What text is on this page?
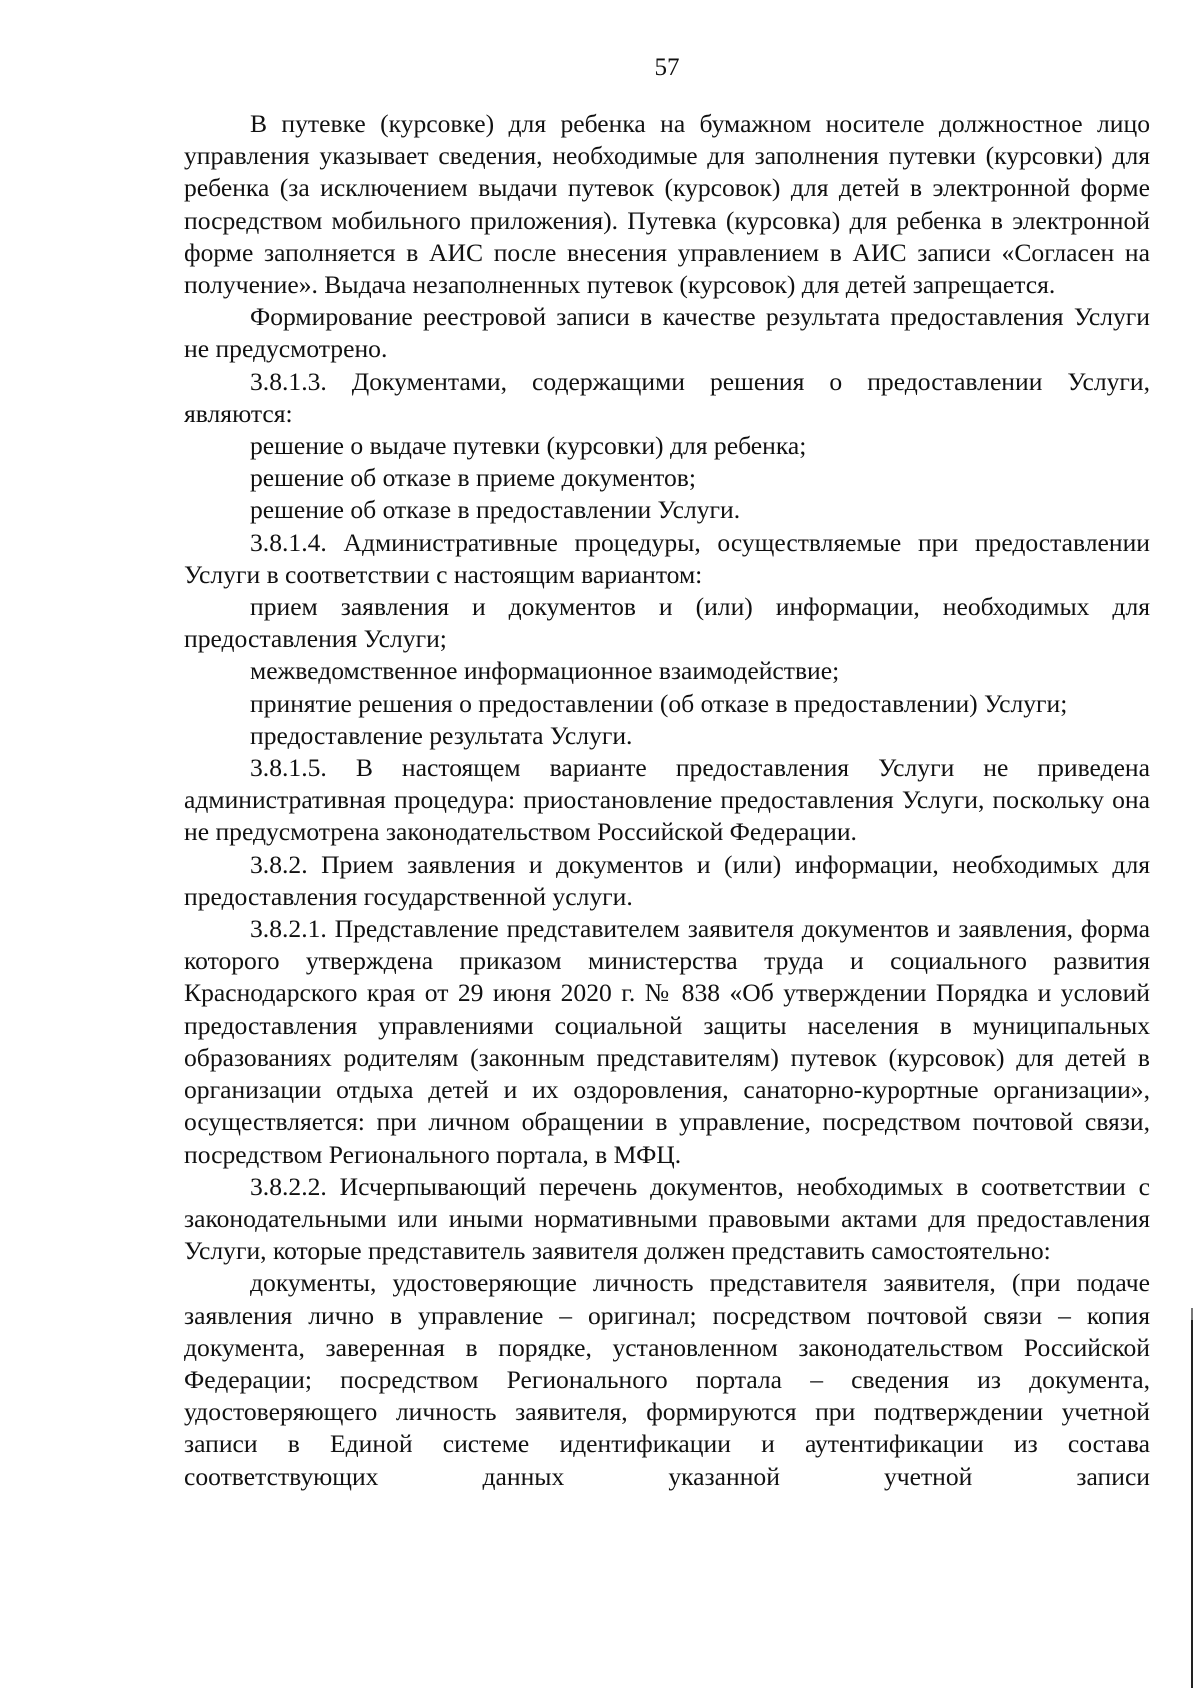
57

В путевке (курсовке) для ребенка на бумажном носителе должностное лицо управления указывает сведения, необходимые для заполнения путевки (курсовки) для ребенка (за исключением выдачи путевок (курсовок) для детей в электронной форме посредством мобильного приложения). Путевка (курсовка) для ребенка в электронной форме заполняется в АИС после внесения управлением в АИС записи «Согласен на получение». Выдача незаполненных путевок (курсовок) для детей запрещается.

Формирование реестровой записи в качестве результата предоставления Услуги не предусмотрено.

3.8.1.3. Документами, содержащими решения о предоставлении Услуги, являются:

решение о выдаче путевки (курсовки) для ребенка;

решение об отказе в приеме документов;

решение об отказе в предоставлении Услуги.

3.8.1.4. Административные процедуры, осуществляемые при предоставлении Услуги в соответствии с настоящим вариантом:

прием заявления и документов и (или) информации, необходимых для предоставления Услуги;

межведомственное информационное взаимодействие;

принятие решения о предоставлении (об отказе в предоставлении) Услуги;

предоставление результата Услуги.

3.8.1.5. В настоящем варианте предоставления Услуги не приведена административная процедура: приостановление предоставления Услуги, поскольку она не предусмотрена законодательством Российской Федерации.

3.8.2. Прием заявления и документов и (или) информации, необходимых для предоставления государственной услуги.

3.8.2.1. Представление представителем заявителя документов и заявления, форма которого утверждена приказом министерства труда и социального развития Краснодарского края от 29 июня 2020 г. № 838 «Об утверждении Порядка и условий предоставления управлениями социальной защиты населения в муниципальных образованиях родителям (законным представителям) путевок (курсовок) для детей в организации отдыха детей и их оздоровления, санаторно-курортные организации», осуществляется: при личном обращении в управление, посредством почтовой связи, посредством Регионального портала, в МФЦ.

3.8.2.2. Исчерпывающий перечень документов, необходимых в соответствии с законодательными или иными нормативными правовыми актами для предоставления Услуги, которые представитель заявителя должен представить самостоятельно:

документы, удостоверяющие личность представителя заявителя, (при подаче заявления лично в управление – оригинал; посредством почтовой связи – копия документа, заверенная в порядке, установленном законодательством Российской Федерации; посредством Регионального портала – сведения из документа, удостоверяющего личность заявителя, формируются при подтверждении учетной записи в Единой системе идентификации и аутентификации из состава соответствующих данных указанной учетной записи
